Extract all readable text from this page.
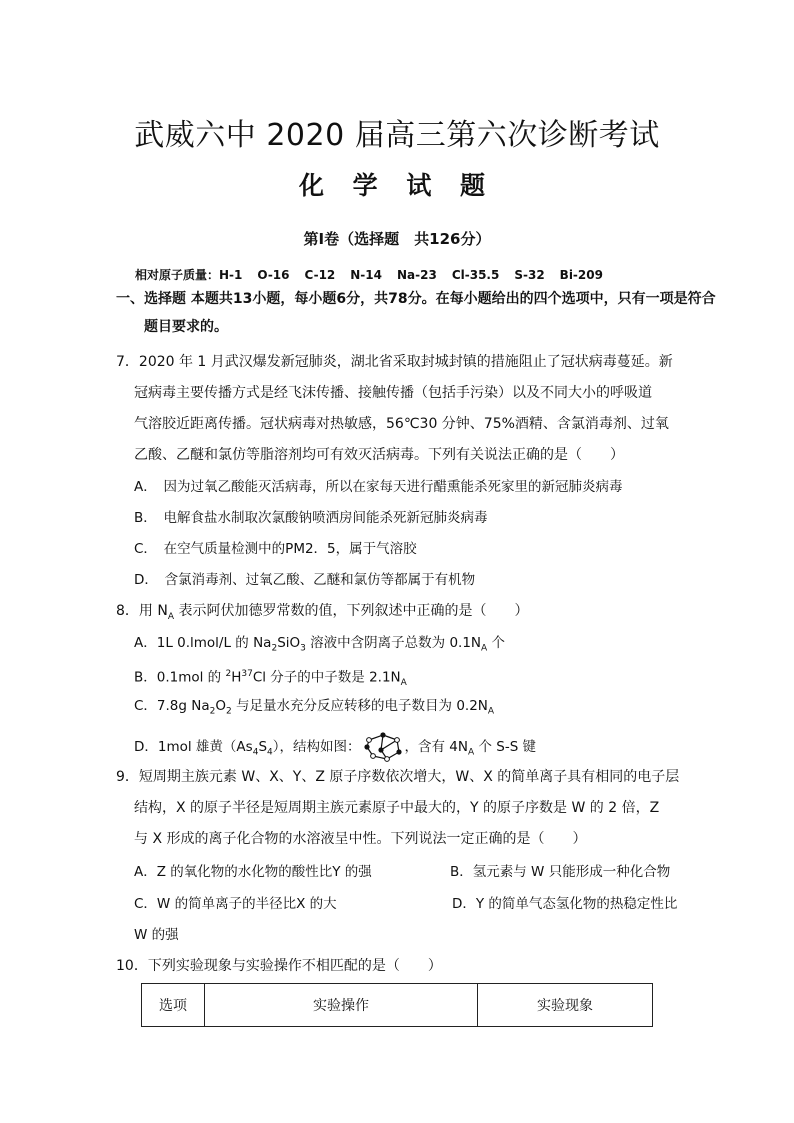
武威六中 2020 届高三第六次诊断考试
化 学 试 题
第Ⅰ卷（选择题　共126分）
相对原子质量：H-1 O-16 C-12 N-14 Na-23 Cl-35.5 S-32 Bi-209
一、选择题 本题共13小题，每小题6分，共78分。在每小题给出的四个选项中，只有一项是符合
题目要求的。
7．2020 年 1 月武汉爆发新冠肺炎，湖北省采取封城封镇的措施阻止了冠状病毒蔓延。新
冠病毒主要传播方式是经飞沫传播、接触传播（包括手污染）以及不同大小的呼吸道
气溶胶近距离传播。冠状病毒对热敏感，56℃30 分钟、75%酒精、含氯消毒剂、过氧
乙酸、乙醚和氯仿等脂溶剂均可有效灭活病毒。下列有关说法正确的是（　　）
A．　因为过氧乙酸能灭活病毒，所以在家每天进行醋熏能杀死家里的新冠肺炎病毒
B．　电解食盐水制取次氯酸钠喷洒房间能杀死新冠肺炎病毒
C．　在空气质量检测中的PM2．5，属于气溶胶
D．　含氯消毒剂、过氧乙酸、乙醚和氯仿等都属于有机物
8．用 $N_A$ 表示阿伏加德罗常数的值，下列叙述中正确的是（　　）
A．1L 0.lmol/L 的 $Na_2SiO_3$ 溶液中含阴离子总数为 $0.1N_A$ 个
B．0.1mol 的 $^2H^{37}Cl$ 分子的中子数是 $2.1N_A$
C．7.8g $Na_2O_2$ 与足量水充分反应转移的电子数目为 $0.2N_A$
D．1mol 雄黄$(As_4S_4)$，结构如图：	，含有 $4N_A$ 个 S-S 键
9．短周期主族元素 W、X、Y、Z 原子序数依次增大，W、X 的简单离子具有相同的电子层
结构，X 的原子半径是短周期主族元素原子中最大的，Y 的原子序数是 W 的 2 倍，Z
与 X 形成的离子化合物的水溶液呈中性。下列说法一定正确的是（　　）
A．Z 的氧化物的水化物的酸性比Y 的强	B．氢元素与 W 只能形成一种化合物
C．W 的简单离子的半径比X 的大	D．Y 的简单气态氢化物的热稳定性比
W 的强
10．下列实验现象与实验操作不相匹配的是（　　）
选项	实验操作	实验现象
